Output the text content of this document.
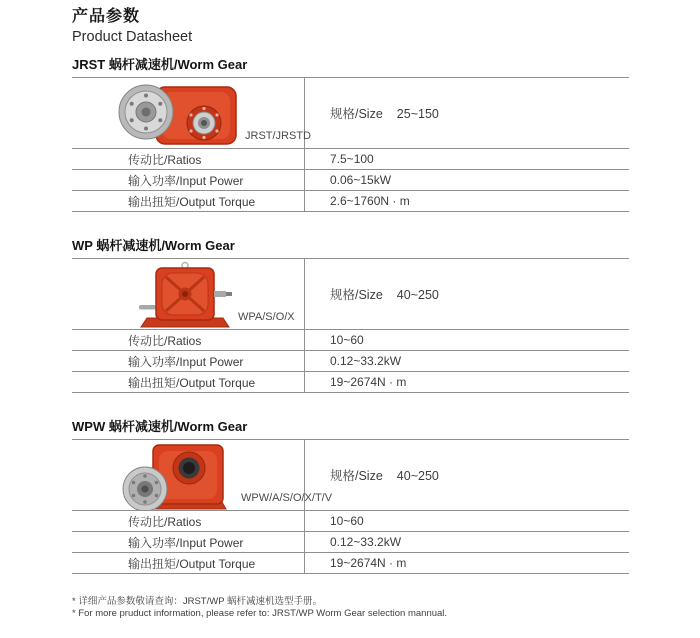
产品参数
Product Datasheet
JRST 蜗杆减速机/Worm Gear
JRST/JRSTD
规格/Size 25~150
传动比/Ratios	7.5~100
输入功率/Input Power	0.06~15kW
输出扭矩/Output Torque	2.6~1760N · m
WP 蜗杆减速机/Worm Gear
WPA/S/O/X
规格/Size 40~250
传动比/Ratios	10~60
输入功率/Input Power	0.12~33.2kW
输出扭矩/Output Torque	19~2674N · m
WPW 蜗杆减速机/Worm Gear
WPW/A/S/O/X/T/V
规格/Size 40~250
传动比/Ratios	10~60
输入功率/Input Power	0.12~33.2kW
输出扭矩/Output Torque	19~2674N · m

* 详细产品参数敬请查询：JRST/WP 蜗杆减速机选型手册。

* For more pruduct information, please refer to: JRST/WP Worm Gear selection mannual.
